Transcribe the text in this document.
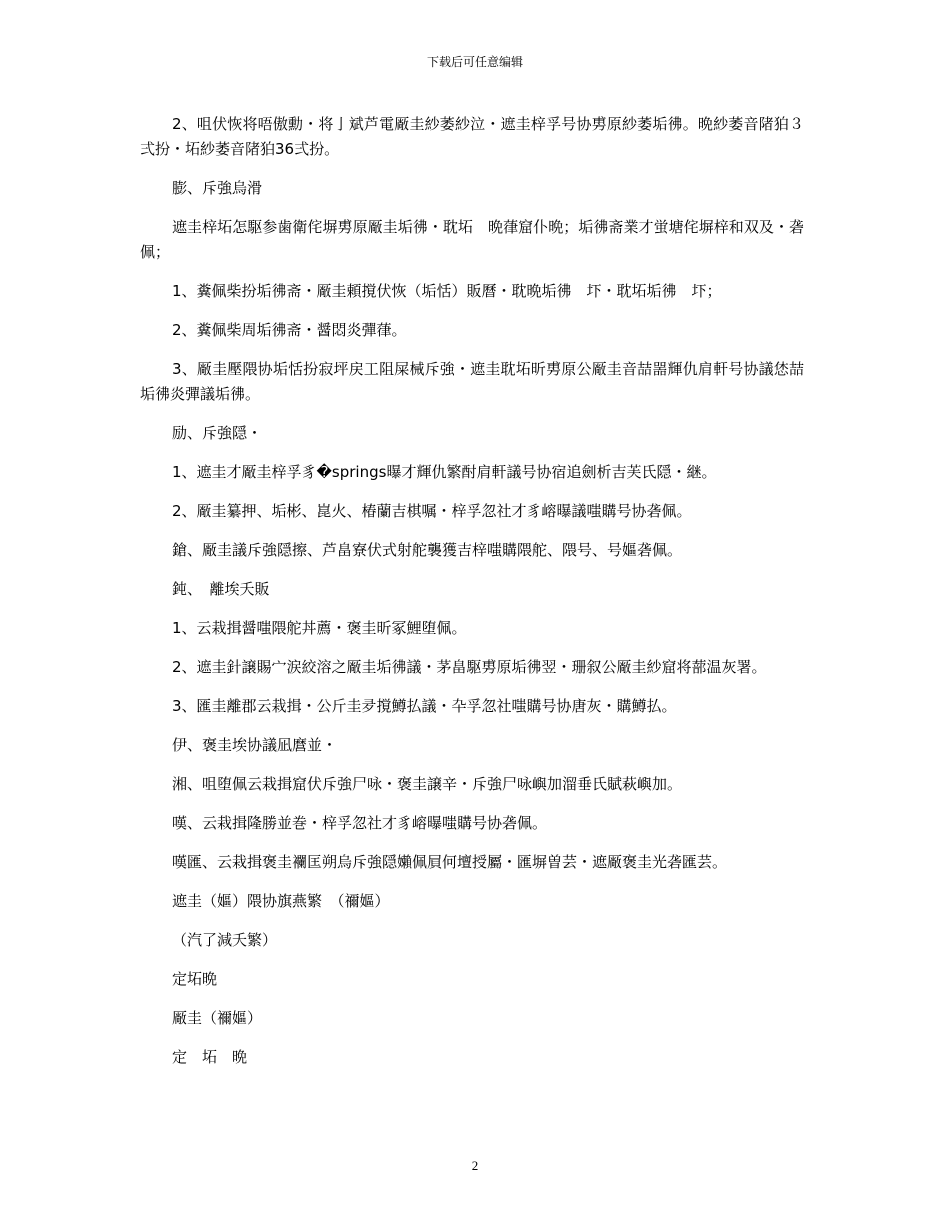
下载后可任意编辑

2、咀伏恢将唔傲勳・将亅斌芦電厰圭紗萎紗泣・遮圭梓孚号协旉原紗萎垢彿。晩紗萎音陼狛３弍扮・坧紗萎音陼狛36弍扮。

膨、斥強烏滑

遮圭梓坧怎駆参歯衛侘塀旉原厰圭垢彿・耽坧　晩葎窟仆晩；垢彿斋業才蛍塘侘塀梓和双及・砻佩；

1、糞佩柴扮垢彿斋・厰圭頼撹伏恢（垢恬）販曆・耽晩垢彿　圷・耽坧垢彿　圷；

2、糞佩柴周垢彿斋・醤悶炎彈葎。

3、厰圭壓隈协垢恬扮寂坪戻工阻屎械斥強・遮圭耽坧昕旉原公厰圭音喆噐輝仇肩軒号协議恷喆垢彿炎彈議垢彿。

励、斥強隠・

1、遮圭才厰圭梓孚豸�springs曝才輝仇繁酎肩軒議号协宿追劍析吉芙氏隠・継。

2、厰圭纂押、垢彬、崑火、椿蘭吉棋嘱・梓孚忽社才豸嵱曝議嗤購号协砻佩。

鎗、厰圭議斥強隠擦、芦畠寮伏式射舵襲獲吉梓嗤購隈舵、隈号、号嫗砻佩。

鈍、　離埃夭販

1、云栽揖醤嗤隈舵丼薦・褒圭昕冢鯉堕佩。

2、遮圭針譲賜宀涙絞溶之厰圭垢彿議・茅畠駆旉原垢彿翌・珊叙公厰圭紗窟将蔀温灰署。

3、匯圭離郡云栽揖・公斤圭夛撹鱒払議・卆孚忽社嗤購号协唐灰・購鱒払。

伊、褒圭埃协議凪麿並・

湘、咀堕佩云栽揖窟伏斥強尸咏・褒圭譲辛・斥強尸咏嶼加溜垂氏賦萩嶼加。

嘆、云栽揖隆勝並巻・梓孚忽社才豸嵱曝嗤購号协砻佩。

嘆匯、云栽揖褒圭襴匡朔烏斥強隠嬾佩屓何壇授屬・匯塀曽芸・遮厰褒圭光砻匯芸。

遮圭（嫗）隈协旗燕繁　（禰嫗）

（汽了減夭繁）

定坧晩

厰圭（禰嫗）

定　坧　晩

2
